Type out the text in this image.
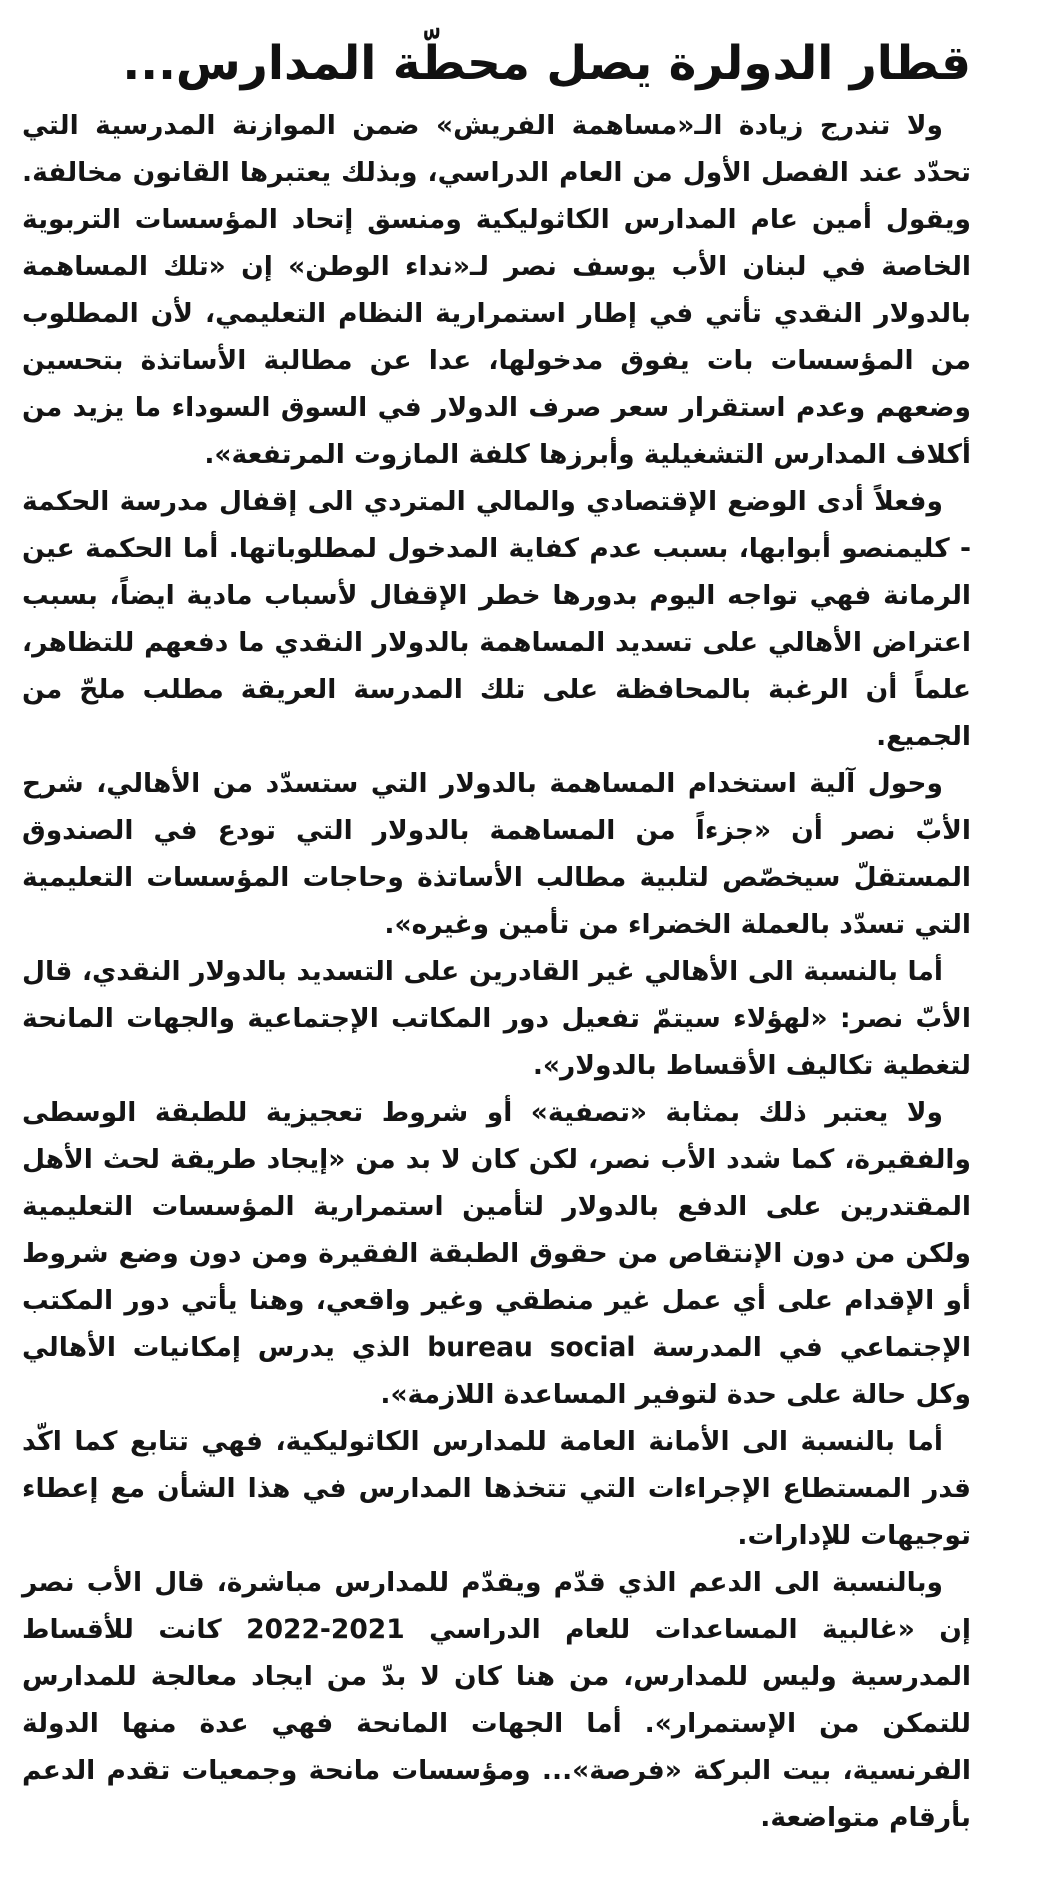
قطار الدولرة يصل محطّة المدارس...

ولا تندرج زيادة الـ«مساهمة الفريش» ضمن الموازنة المدرسية التي تحدّد عند الفصل الأول من العام الدراسي، وبذلك يعتبرها القانون مخالفة. ويقول أمين عام المدارس الكاثوليكية ومنسق إتحاد المؤسسات التربوية الخاصة في لبنان الأب يوسف نصر لـ«نداء الوطن» إن «تلك المساهمة بالدولار النقدي تأتي في إطار استمرارية النظام التعليمي، لأن المطلوب من المؤسسات بات يفوق مدخولها، عدا عن مطالبة الأساتذة بتحسين وضعهم وعدم استقرار سعر صرف الدولار في السوق السوداء ما يزيد من أكلاف المدارس التشغيلية وأبرزها كلفة المازوت المرتفعة».

وفعلاً أدى الوضع الإقتصادي والمالي المتردي الى إقفال مدرسة الحكمة - كليمنصو أبوابها، بسبب عدم كفاية المدخول لمطلوباتها. أما الحكمة عين الرمانة فهي تواجه اليوم بدورها خطر الإقفال لأسباب مادية ايضاً، بسبب اعتراض الأهالي على تسديد المساهمة بالدولار النقدي ما دفعهم للتظاهر، علماً أن الرغبة بالمحافظة على تلك المدرسة العريقة مطلب ملحّ من الجميع.

وحول آلية استخدام المساهمة بالدولار التي ستسدّد من الأهالي، شرح الأبّ نصر أن «جزءاً من المساهمة بالدولار التي تودع في الصندوق المستقلّ سيخصّص لتلبية مطالب الأساتذة وحاجات المؤسسات التعليمية التي تسدّد بالعملة الخضراء من تأمين وغيره».

أما بالنسبة الى الأهالي غير القادرين على التسديد بالدولار النقدي، قال الأبّ نصر: «لهؤلاء سيتمّ تفعيل دور المكاتب الإجتماعية والجهات المانحة لتغطية تكاليف الأقساط بالدولار».

ولا يعتبر ذلك بمثابة «تصفية» أو شروط تعجيزية للطبقة الوسطى والفقيرة، كما شدد الأب نصر، لكن كان لا بد من «إيجاد طريقة لحث الأهل المقتدرين على الدفع بالدولار لتأمين استمرارية المؤسسات التعليمية ولكن من دون الإنتقاص من حقوق الطبقة الفقيرة ومن دون وضع شروط أو الإقدام على أي عمل غير منطقي وغير واقعي، وهنا يأتي دور المكتب الإجتماعي في المدرسة bureau social الذي يدرس إمكانيات الأهالي وكل حالة على حدة لتوفير المساعدة اللازمة».

أما بالنسبة الى الأمانة العامة للمدارس الكاثوليكية، فهي تتابع كما اكّد قدر المستطاع الإجراءات التي تتخذها المدارس في هذا الشأن مع إعطاء توجيهات للإدارات.

وبالنسبة الى الدعم الذي قدّم ويقدّم للمدارس مباشرة، قال الأب نصر إن «غالبية المساعدات للعام الدراسي 2021-2022 كانت للأقساط المدرسية وليس للمدارس، من هنا كان لا بدّ من ايجاد معالجة للمدارس للتمكن من الإستمرار». أما الجهات المانحة فهي عدة منها الدولة الفرنسية، بيت البركة «فرصة»... ومؤسسات مانحة وجمعيات تقدم الدعم بأرقام متواضعة.
